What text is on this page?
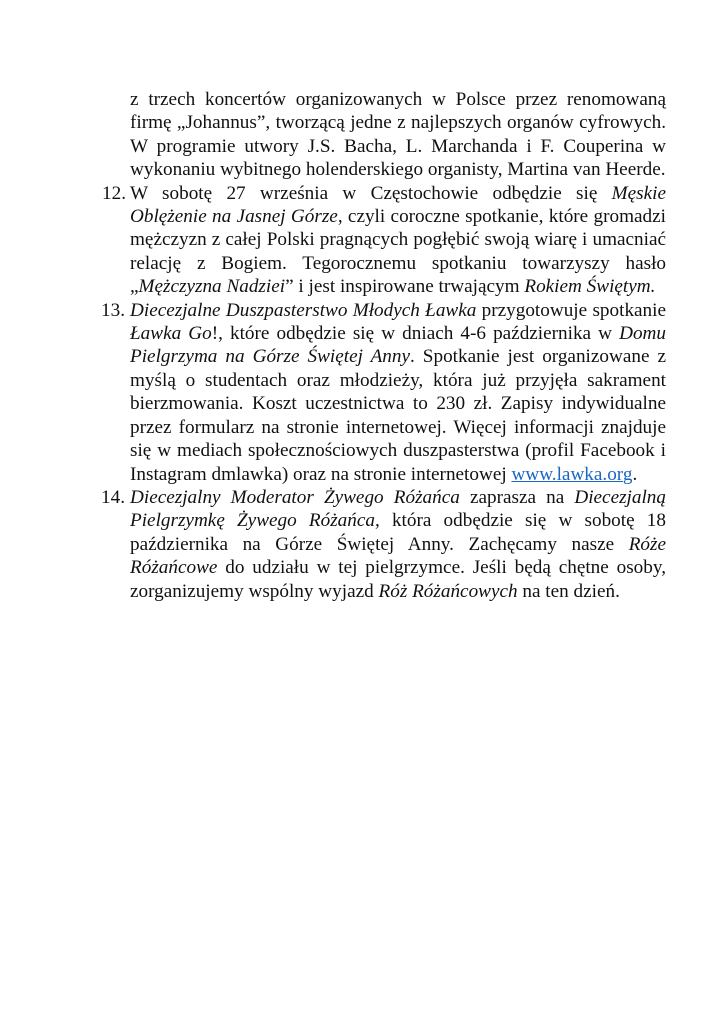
z trzech koncertów organizowanych w Polsce przez renomowaną firmę „Johannus”, tworzącą jedne z najlepszych organów cyfrowych. W programie utwory J.S. Bacha, L. Marchanda i F. Couperina w wykonaniu wybitnego holenderskiego organisty, Martina van Heerde.

12. W sobotę 27 września w Częstochowie odbędzie się Męskie Oblężenie na Jasnej Górze, czyli coroczne spotkanie, które gromadzi mężczyzn z całej Polski pragnących pogłębić swoją wiarę i umacniać relację z Bogiem. Tegorocznemu spotkaniu towarzyszy hasło „Mężczyzna Nadziei” i jest inspirowane trwającym Rokiem Świętym.
13. Diecezjalne Duszpasterstwo Młodych Ławka przygotowuje spotkanie Ławka Go!, które odbędzie się w dniach 4-6 października w Domu Pielgrzyma na Górze Świętej Anny. Spotkanie jest organizowane z myślą o studentach oraz młodzieży, która już przyjęła sakrament bierzmowania. Koszt uczestnictwa to 230 zł. Zapisy indywidualne przez formularz na stronie internetowej. Więcej informacji znajduje się w mediach społecznościowych duszpasterstwa (profil Facebook i Instagram dmlawka) oraz na stronie internetowej www.lawka.org.
14. Diecezjalny Moderator Żywego Różańca zaprasza na Diecezjalną Pielgrzymkę Żywego Różańca, która odbędzie się w sobotę 18 października na Górze Świętej Anny. Zachęcamy nasze Róże Różańcowe do udziału w tej pielgrzymce. Jeśli będą chętne osoby, zorganizujemy wspólny wyjazd Róż Różańcowych na ten dzień.
